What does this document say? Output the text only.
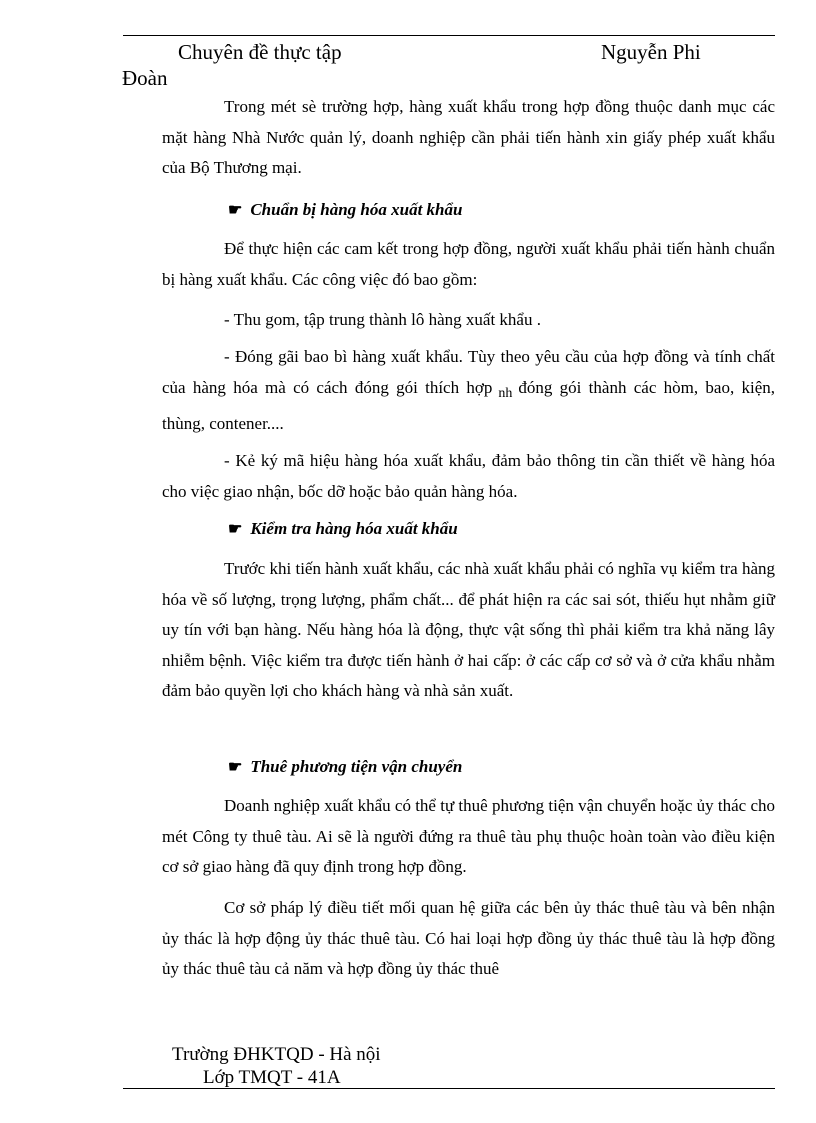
Chuyên đề thực tập	Nguyễn Phi
Đoàn
Trong mét sè trường hợp, hàng xuất khẩu trong hợp đồng thuộc danh mục các mặt hàng Nhà Nước quản lý, doanh nghiệp cần phải tiến hành xin giấy phép xuất khẩu của Bộ Thương mại.
☛ Chuẩn bị hàng hóa xuất khẩu
Để thực hiện các cam kết trong hợp đồng, người xuất khẩu phải tiến hành chuẩn bị hàng xuất khẩu. Các công việc đó bao gồm:
- Thu gom, tập trung thành lô hàng xuất khẩu .
- Đóng gãi bao bì hàng xuất khẩu. Tùy theo yêu cầu của hợp đồng và tính chất của hàng hóa mà có cách đóng gói thích hợp $_{nh}$ đóng gói thành các hòm, bao, kiện, thùng, contener....
- Kẻ ký mã hiệu hàng hóa xuất khẩu, đảm bảo thông tin cần thiết về hàng hóa cho việc giao nhận, bốc dỡ hoặc bảo quản hàng hóa.
☛ Kiểm tra hàng hóa xuất khẩu
Trước khi tiến hành xuất khẩu, các nhà xuất khẩu phải có nghĩa vụ kiểm tra hàng hóa về số lượng, trọng lượng, phẩm chất... để phát hiện ra các sai sót, thiếu hụt nhằm giữ uy tín với bạn hàng. Nếu hàng hóa là động, thực vật sống thì phải kiểm tra khả năng lây nhiễm bệnh. Việc kiểm tra được tiến hành ở hai cấp: ở các cấp cơ sở và ở cửa khẩu nhằm đảm bảo quyền lợi cho khách hàng và nhà sản xuất.
☛ Thuê phương tiện vận chuyển
Doanh nghiệp xuất khẩu có thể tự thuê phương tiện vận chuyển hoặc ủy thác cho mét Công ty thuê tàu. Ai sẽ là người đứng ra thuê tàu phụ thuộc hoàn toàn vào điều kiện cơ sở giao hàng đã quy định trong hợp đồng.
Cơ sở pháp lý điều tiết mối quan hệ giữa các bên ủy thác thuê tàu và bên nhận ủy thác là hợp động ủy thác thuê tàu. Có hai loại hợp đồng ủy thác thuê tàu là hợp đồng ủy thác thuê tàu cả năm và hợp đồng ủy thác thuê
Trường ĐHKTQD - Hà nội
Lớp TMQT - 41A
